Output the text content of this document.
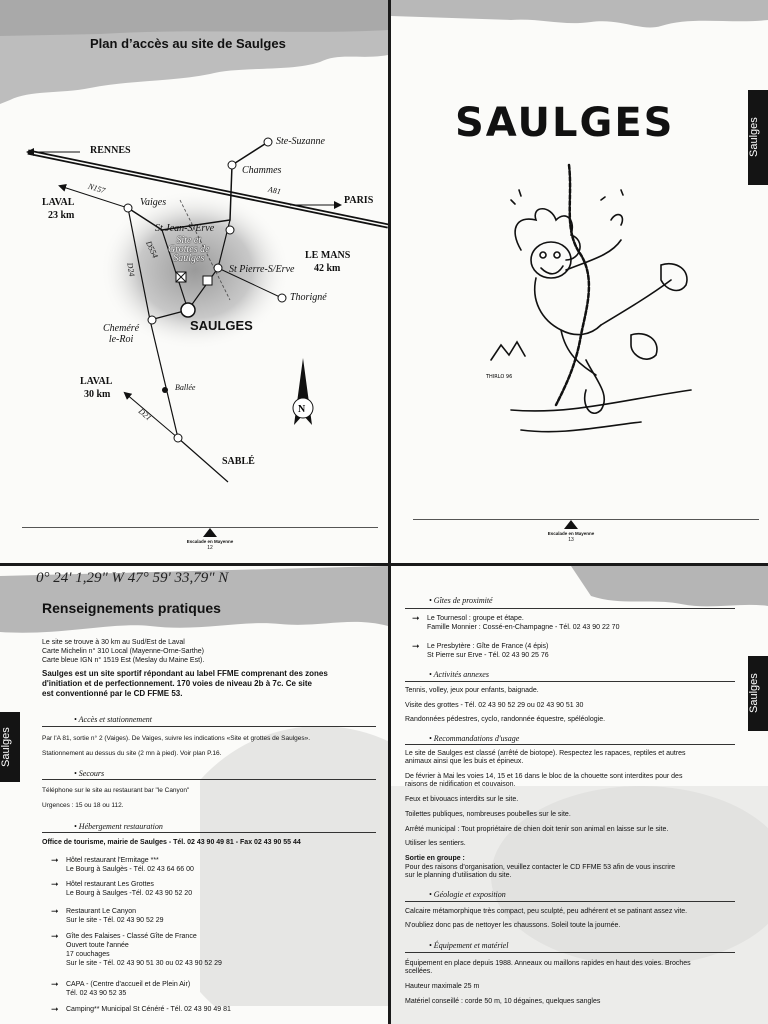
Plan d’accès au site de Saulges
N
RENNES
Ste-Suzanne
Chammes
LAVAL
23 km
N157
Vaiges
A81
PARIS
St Jean-S/Erve
Site et
Grottes de
Saulges
D554
D24
LE MANS
42 km
St Pierre-S/Erve
Thorigné
Cheméré
le-Roi
SAULGES
LAVAL
30 km
Ballée
D21
SABLÉ
Escalade en Mayenne
12
SAULGES	Saulges
THIRLO 96
Escalade en Mayenne
13
0° 24' 1,29" W 47° 59' 33,79" N
Renseignements pratiques
Saulges
Le site se trouve à 30 km au Sud/Est de Laval
Carte Michelin n° 310 Local (Mayenne-Orne-Sarthe)
Carte bleue IGN n° 1519 Est (Meslay du Maine Est).
Saulges est un site sportif répondant au label FFME comprenant des zones
d'initiation et de perfectionnement. 170 voies de niveau 2b à 7c. Ce site
est conventionné par le CD FFME 53.
• Accès et stationnement
Par l'A 81, sortie n° 2 (Vaiges). De Vaiges, suivre les indications «Site et grottes de Saulges».
Stationnement au dessus du site (2 mn à pied). Voir plan P.16.
• Secours
Téléphone sur le site au restaurant bar "le Canyon"
Urgences : 15 ou 18 ou 112.
• Hébergement restauration
Office de tourisme, mairie de Saulges - Tél. 02 43 90 49 81 - Fax 02 43 90 55 44
➞ Hôtel restaurant l'Ermitage ***
Le Bourg à Saulgès - Tél. 02 43 64 66 00
➞ Hôtel restaurant Les Grottes
Le Bourg à Saulges -Tél. 02 43 90 52 20
➞ Restaurant Le Canyon
Sur le site - Tél. 02 43 90 52 29
➞ Gîte des Falaises - Classé Gîte de France
Ouvert toute l'année
17 couchages
Sur le site - Tél. 02 43 90 51 30 ou 02 43 90 52 29
➞ CAPA - (Centre d'accueil et de Plein Air)
Tél. 02 43 90 52 35
➞ Camping** Municipal St Cénéré - Tél. 02 43 90 49 81
Saulges
• Gîtes de proximité
➞ Le Tournesol : groupe et étape.
Famille Monnier : Cossé-en-Champagne - Tél. 02 43 90 22 70
➞ Le Presbytère : Gîte de France (4 épis)
St Pierre sur Erve - Tél. 02 43 90 25 76
• Activités annexes
Tennis, volley, jeux pour enfants, baignade.
Visite des grottes - Tél. 02 43 90 52 29 ou 02 43 90 51 30
Randonnées pédestres, cyclo, randonnée équestre, spéléologie.
• Recommandations d'usage
Le site de Saulges est classé (arrêté de biotope). Respectez les rapaces, reptiles et autres
animaux ainsi que les buis et épineux.
De février à Mai les voies 14, 15 et 16 dans le bloc de la chouette sont interdites pour des
raisons de nidification et couvaison.
Feux et bivouacs interdits sur le site.
Toilettes publiques, nombreuses poubelles sur le site.
Arrêté municipal : Tout propriétaire de chien doit tenir son animal en laisse sur le site.
Utiliser les sentiers.
Sortie en groupe :
Pour des raisons d'organisation, veuillez contacter le CD FFME 53 afin de vous inscrire
sur le planning d'utilisation du site.
• Géologie et exposition
Calcaire métamorphique très compact, peu sculpté, peu adhérent et se patinant assez vite.
N'oubliez donc pas de nettoyer les chaussons. Soleil toute la journée.
• Équipement et matériel
Équipement en place depuis 1988. Anneaux ou maillons rapides en haut des voies. Broches
scellées.
Hauteur maximale 25 m
Matériel conseillé : corde 50 m, 10 dégaines, quelques sangles
